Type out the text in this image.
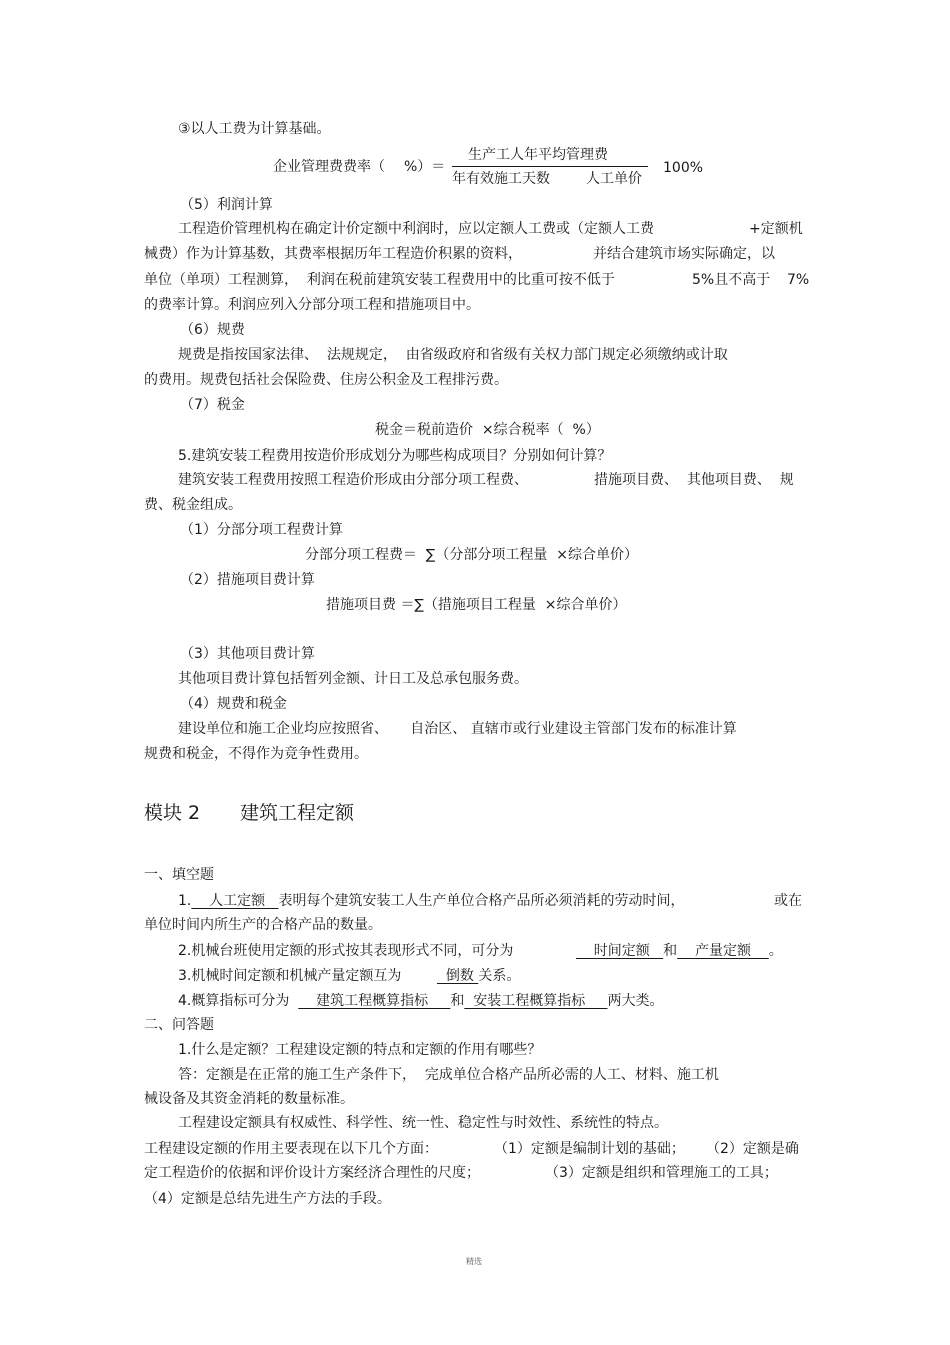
③以人工费为计算基础。
企业管理费费率（ %）＝
生产工人年平均管理费
年有效施工天数	人工单价
100%
（5）利润计算
工程造价管理机构在确定计价定额中利润时，应以定额人工费或（定额人工费	+定额机
械费）作为计算基数，其费率根据历年工程造价积累的资料，	并结合建筑市场实际确定，以
单位（单项）工程测算，  利润在税前建筑安装工程费用中的比重可按不低于	5%且不高于 7%
的费率计算。利润应列入分部分项工程和措施项目中。
（6）规费
规费是指按国家法律、  法规规定，  由省级政府和省级有关权力部门规定必须缴纳或计取
的费用。规费包括社会保险费、住房公积金及工程排污费。
（7）税金
税金＝税前造价  ×综合税率（  %）
5.建筑安装工程费用按造价形成划分为哪些构成项目？分别如何计算？
建筑安装工程费用按照工程造价形成由分部分项工程费、	措施项目费、  其他项目费、  规
费、税金组成。
（1）分部分项工程费计算
分部分项工程费＝  ∑（分部分项工程量  ×综合单价）
（2）措施项目费计算
措施项目费 ＝∑（措施项目工程量  ×综合单价）
（3）其他项目费计算
其他项目费计算包括暂列金额、计日工及总承包服务费。
（4）规费和税金
建设单位和施工企业均应按照省、     自治区、 直辖市或行业建设主管部门发布的标准计算
规费和税金，不得作为竞争性费用。
模块 2 建筑工程定额
一、填空题
1.    人工定额   表明每个建筑安装工人生产单位合格产品所必须消耗的劳动时间，	或在
单位时间内所生产的合格产品的数量。
2.机械台班使用定额的形式按其表现形式不同，可分为	时间定额   和    产量定额    。
3.机械时间定额和机械产量定额互为	倒数 关系。
4.概算指标可分为      建筑工程概算指标     和  安装工程概算指标     两大类。
二、问答题
1.什么是定额？工程建设定额的特点和定额的作用有哪些？
答：定额是在正常的施工生产条件下，  完成单位合格产品所必需的人工、材料、施工机
械设备及其资金消耗的数量标准。
工程建设定额具有权威性、科学性、统一性、稳定性与时效性、系统性的特点。
工程建设定额的作用主要表现在以下几个方面：	（1）定额是编制计划的基础； （2）定额是确
定工程造价的依据和评价设计方案经济合理性的尺度；	（3）定额是组织和管理施工的工具；
（4）定额是总结先进生产方法的手段。
精选
